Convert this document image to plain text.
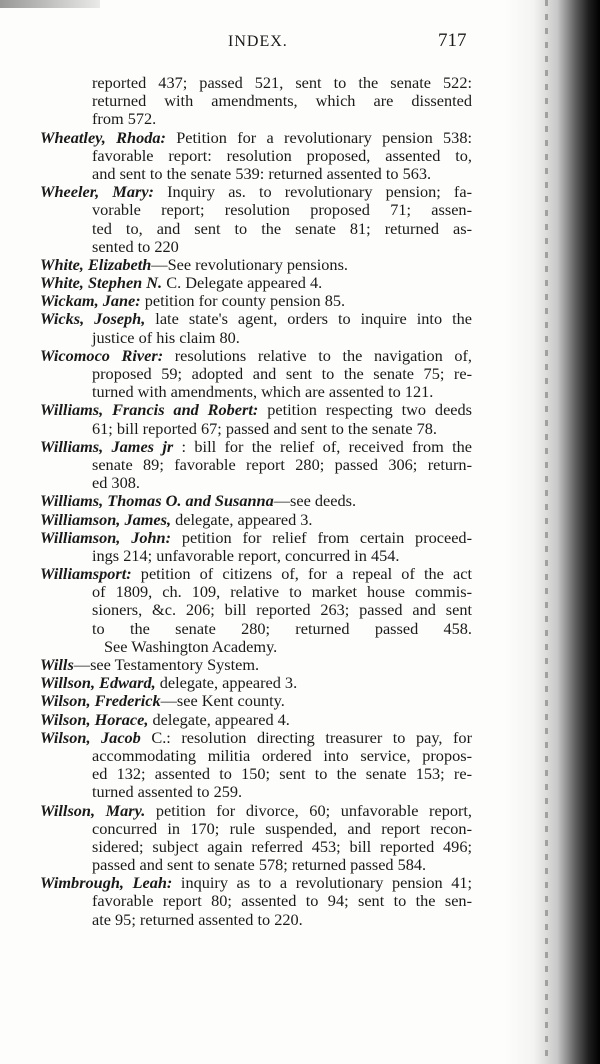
INDEX.	717
reported 437; passed 521, sent to the senate 522:
returned with amendments, which are dissented
from 572.
Wheatley, Rhoda: Petition for a revolutionary pension 538:
favorable report: resolution proposed, assented to,
and sent to the senate 539: returned assented to 563.
Wheeler, Mary: Inquiry as. to revolutionary pension; fa-
vorable report; resolution proposed 71; assen-
ted to, and sent to the senate 81; returned as-
sented to 220
White, Elizabeth—See revolutionary pensions.
White, Stephen N. C. Delegate appeared 4.
Wickam, Jane: petition for county pension 85.
Wicks, Joseph, late state's agent, orders to inquire into the
justice of his claim 80.
Wicomoco River: resolutions relative to the navigation of,
proposed 59; adopted and sent to the senate 75; re-
turned with amendments, which are assented to 121.
Williams, Francis and Robert: petition respecting two deeds
61; bill reported 67; passed and sent to the senate 78.
Williams, James jr : bill for the relief of, received from the
senate 89; favorable report 280; passed 306; return-
ed 308.
Williams, Thomas O. and Susanna—see deeds.
Williamson, James, delegate, appeared 3.
Williamson, John: petition for relief from certain proceed-
ings 214; unfavorable report, concurred in 454.
Williamsport: petition of citizens of, for a repeal of the act
of 1809, ch. 109, relative to market house commis-
sioners, &c. 206; bill reported 263; passed and sent
to the senate 280; returned passed 458.
See Washington Academy.
Wills—see Testamentory System.
Willson, Edward, delegate, appeared 3.
Wilson, Frederick—see Kent county.
Wilson, Horace, delegate, appeared 4.
Wilson, Jacob C.: resolution directing treasurer to pay, for
accommodating militia ordered into service, propos-
ed 132; assented to 150; sent to the senate 153; re-
turned assented to 259.
Willson, Mary. petition for divorce, 60; unfavorable report,
concurred in 170; rule suspended, and report recon-
sidered; subject again referred 453; bill reported 496;
passed and sent to senate 578; returned passed 584.
Wimbrough, Leah: inquiry as to a revolutionary pension 41;
favorable report 80; assented to 94; sent to the sen-
ate 95; returned assented to 220.
